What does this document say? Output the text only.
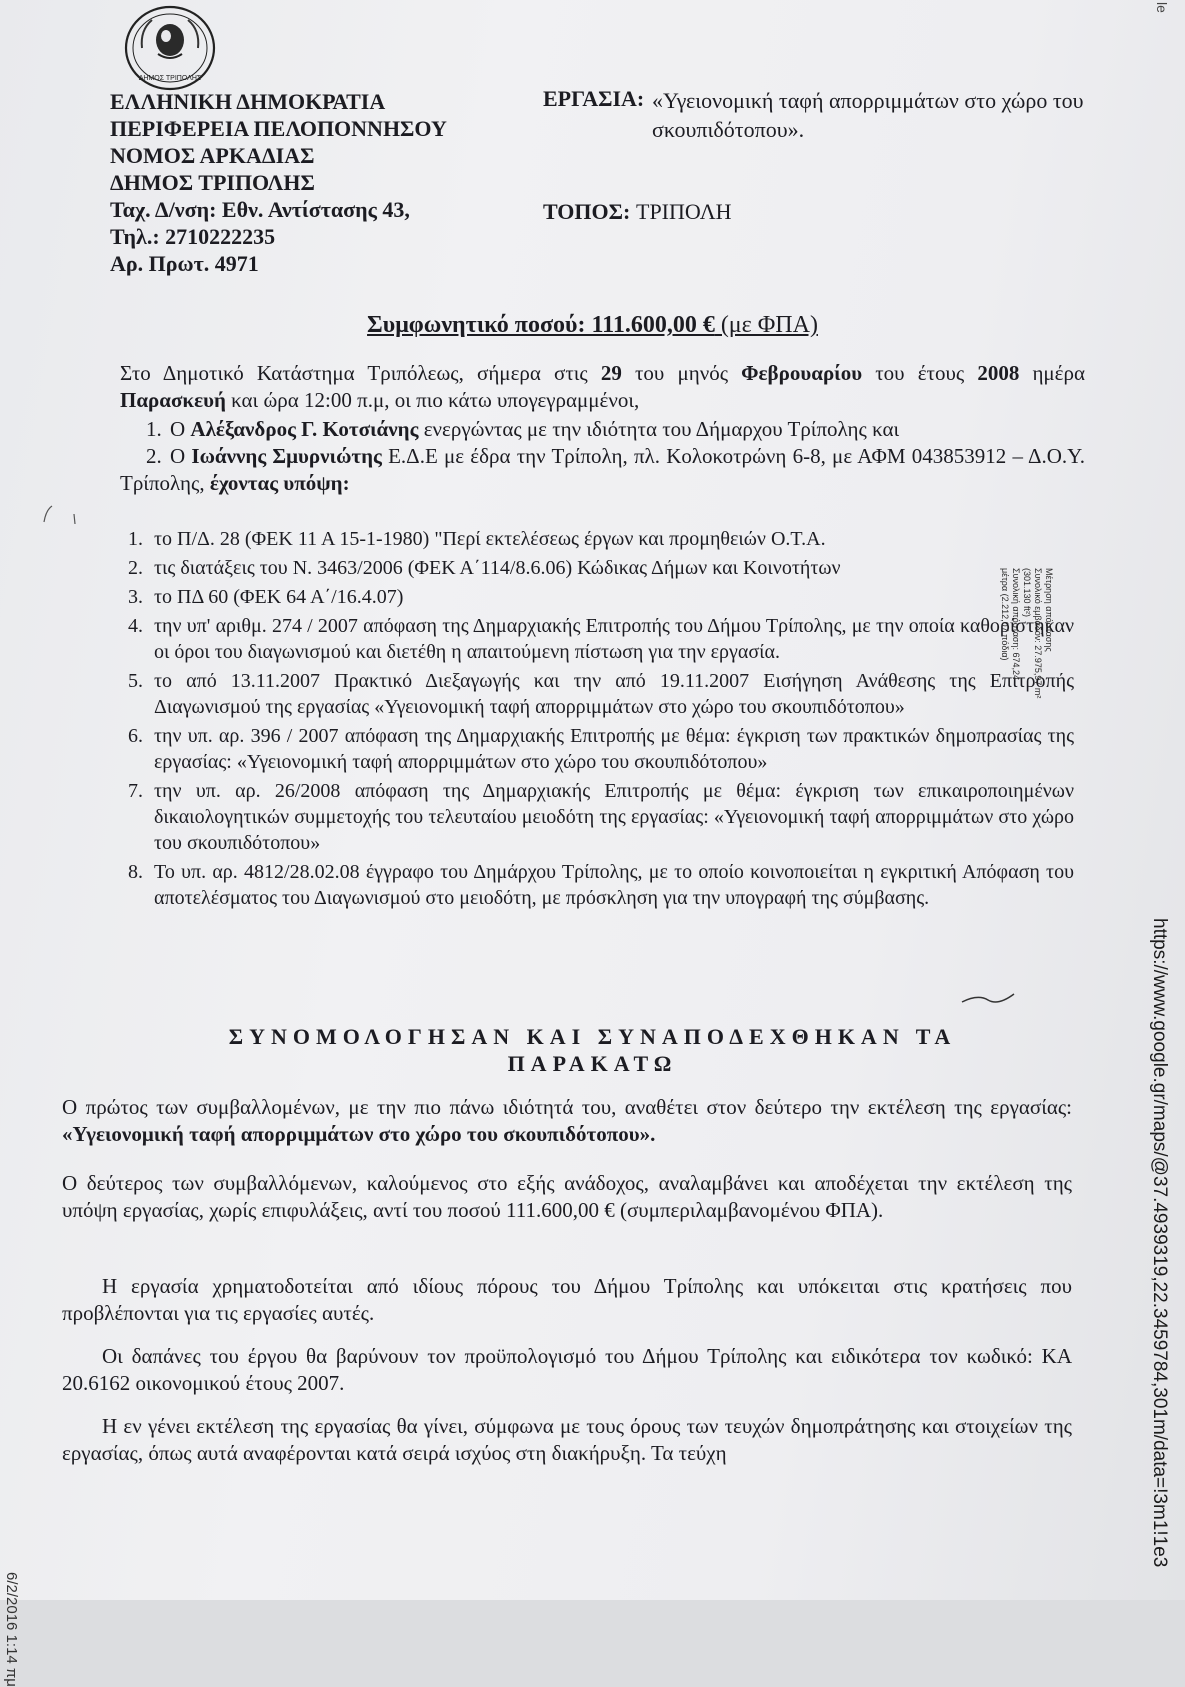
ΔΗΜΟΣ ΤΡΙΠΟΛΗΣ
ΕΛΛΗΝΙΚΗ ΔΗΜΟΚΡΑΤΙΑ
ΠΕΡΙΦΕΡΕΙΑ ΠΕΛΟΠΟΝΝΗΣΟΥ
ΝΟΜΟΣ ΑΡΚΑΔΙΑΣ
ΔΗΜΟΣ ΤΡΙΠΟΛΗΣ
Ταχ. Δ/νση: Εθν. Αντίστασης 43,
Τηλ.: 2710222235
Αρ. Πρωτ. 4971
ΕΡΓΑΣΙΑ: «Υγειονομική ταφή απορριμμάτων στο χώρο του σκουπιδότοπου».
ΤΟΠΟΣ: ΤΡΙΠΟΛΗ
Συμφωνητικό ποσού: 111.600,00 € (με ΦΠΑ)
Στο Δημοτικό Κατάστημα Τριπόλεως, σήμερα στις 29 του μηνός Φεβρουαρίου του έτους 2008 ημέρα Παρασκευή και ώρα 12:00 π.μ, οι πιο κάτω υπογεγραμμένοι,
1. Ο Αλέξανδρος Γ. Κοτσιάνης ενεργώντας με την ιδιότητα του Δήμαρχου Τρίπολης και
2. Ο Ιωάννης Σμυρνιώτης Ε.Δ.Ε με έδρα την Τρίπολη, πλ. Κολοκοτρώνη 6-8, με ΑΦΜ 043853912 – Δ.Ο.Υ. Τρίπολης, έχοντας υπόψη:
1. το Π/Δ. 28 (ΦΕΚ 11 Α 15-1-1980) "Περί εκτελέσεως έργων και προμηθειών Ο.Τ.Α.
2. τις διατάξεις του Ν. 3463/2006 (ΦΕΚ Α΄114/8.6.06) Κώδικας Δήμων και Κοινοτήτων
3. το ΠΔ 60 (ΦΕΚ 64 Α΄/16.4.07)
4. την υπ' αριθμ. 274 / 2007 απόφαση της Δημαρχιακής Επιτροπής του Δήμου Τρίπολης, με την οποία καθορίστηκαν οι όροι του διαγωνισμού και διετέθη η απαιτούμενη πίστωση για την εργασία.
5. το από 13.11.2007 Πρακτικό Διεξαγωγής και την από 19.11.2007 Εισήγηση Ανάθεσης της Επιτροπής Διαγωνισμού της εργασίας «Υγειονομική ταφή απορριμμάτων στο χώρο του σκουπιδότοπου»
6. την υπ. αρ. 396 / 2007 απόφαση της Δημαρχιακής Επιτροπής με θέμα: έγκριση των πρακτικών δημοπρασίας της εργασίας: «Υγειονομική ταφή απορριμμάτων στο χώρο του σκουπιδότοπου»
7. την υπ. αρ. 26/2008 απόφαση της Δημαρχιακής Επιτροπής με θέμα: έγκριση των επικαιροποιημένων δικαιολογητικών συμμετοχής του τελευταίου μειοδότη της εργασίας: «Υγειονομική ταφή απορριμμάτων στο χώρο του σκουπιδότοπου»
8. Το υπ. αρ. 4812/28.02.08 έγγραφο του Δημάρχου Τρίπολης, με το οποίο κοινοποιείται η εγκριτική Απόφαση του αποτελέσματος του Διαγωνισμού στο μειοδότη, με πρόσκληση για την υπογραφή της σύμβασης.
ΣΥΝΟΜΟΛΟΓΗΣΑΝ ΚΑΙ ΣΥΝΑΠΟΔΕΧΘΗΚΑΝ ΤΑ
ΠΑΡΑΚΑΤΩ
Ο πρώτος των συμβαλλομένων, με την πιο πάνω ιδιότητά του, αναθέτει στον δεύτερο την εκτέλεση της εργασίας: «Υγειονομική ταφή απορριμμάτων στο χώρο του σκουπιδότοπου».
Ο δεύτερος των συμβαλλόμενων, καλούμενος στο εξής ανάδοχος, αναλαμβάνει και αποδέχεται την εκτέλεση της υπόψη εργασίας, χωρίς επιφυλάξεις, αντί του ποσού 111.600,00 € (συμπεριλαμβανομένου ΦΠΑ).
Η εργασία χρηματοδοτείται από ιδίους πόρους του Δήμου Τρίπολης και υπόκειται στις κρατήσεις που προβλέπονται για τις εργασίες αυτές.
Οι δαπάνες του έργου θα βαρύνουν τον προϋπολογισμό του Δήμου Τρίπολης και ειδικότερα τον κωδικό: ΚΑ 20.6162 οικονομικού έτους 2007.
Η εν γένει εκτέλεση της εργασίας θα γίνει, σύμφωνα με τους όρους των τευχών δημοπράτησης και στοιχείων της εργασίας, όπως αυτά αναφέρονται κατά σειρά ισχύος στη διακήρυξη. Τα τεύχη
Μέτρηση απόστασης
Συνολικό εμβαδόν: 27.975,97 m² (301.130 ft²)
Συνολική απόσταση: 674,24 μέτρα (2.212,07 πόδια)
https://www.google.gr/maps/@37.4939319,22.3459784,301m/data=!3m1!1e3
6/2/2016 1:14 πμ
le
